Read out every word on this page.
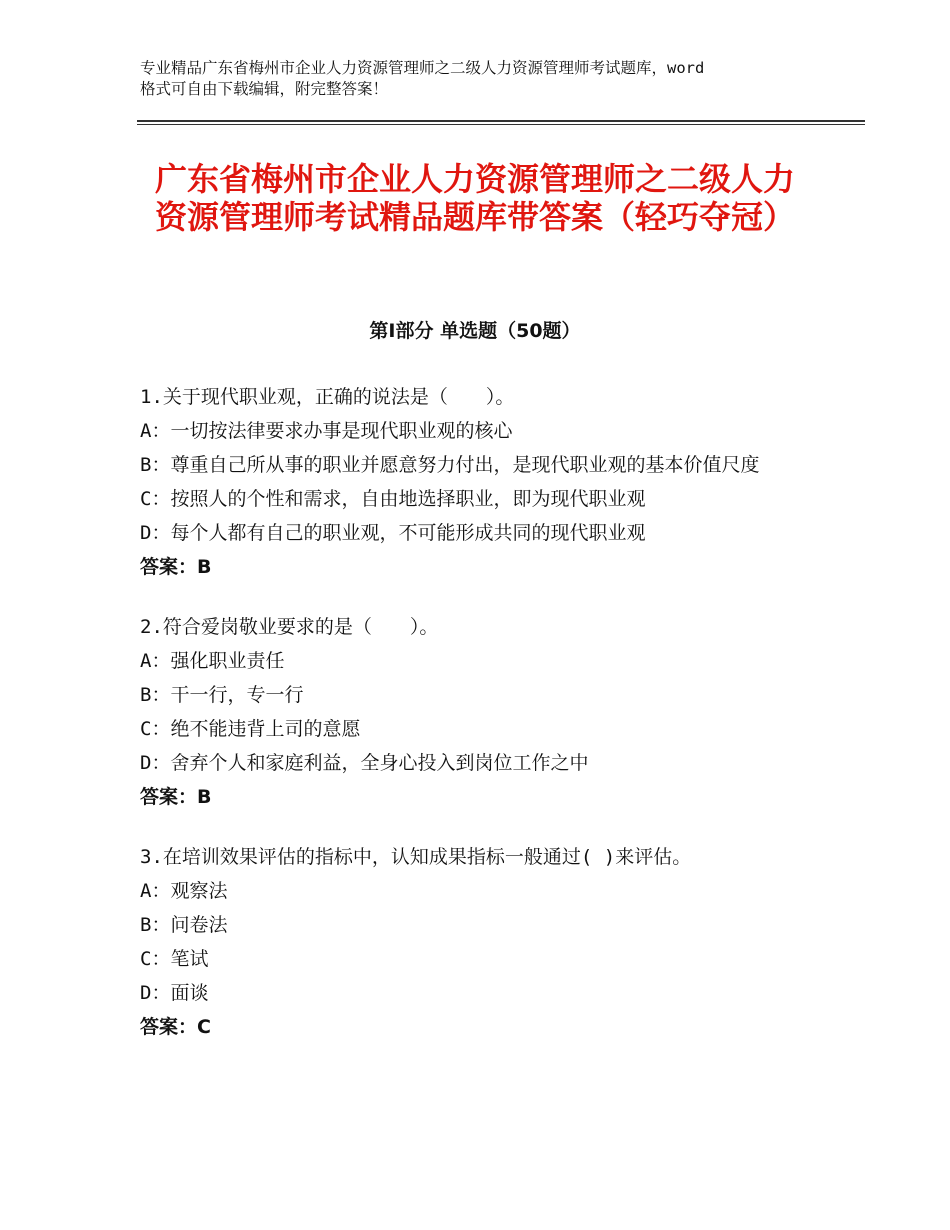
专业精品广东省梅州市企业人力资源管理师之二级人力资源管理师考试题库，word
格式可自由下载编辑，附完整答案！
广东省梅州市企业人力资源管理师之二级人力资源管理师考试精品题库带答案（轻巧夺冠）
第Ⅰ部分 单选题（50题）
1.关于现代职业观，正确的说法是（　　）。
A：一切按法律要求办事是现代职业观的核心
B：尊重自己所从事的职业并愿意努力付出，是现代职业观的基本价值尺度
C：按照人的个性和需求，自由地选择职业，即为现代职业观
D：每个人都有自己的职业观，不可能形成共同的现代职业观
答案：B
2.符合爱岗敬业要求的是（　　）。
A：强化职业责任
B：干一行，专一行
C：绝不能违背上司的意愿
D：舍弃个人和家庭利益，全身心投入到岗位工作之中
答案：B
3.在培训效果评估的指标中，认知成果指标一般通过( )来评估。
A：观察法
B：问卷法
C：笔试
D：面谈
答案：C
